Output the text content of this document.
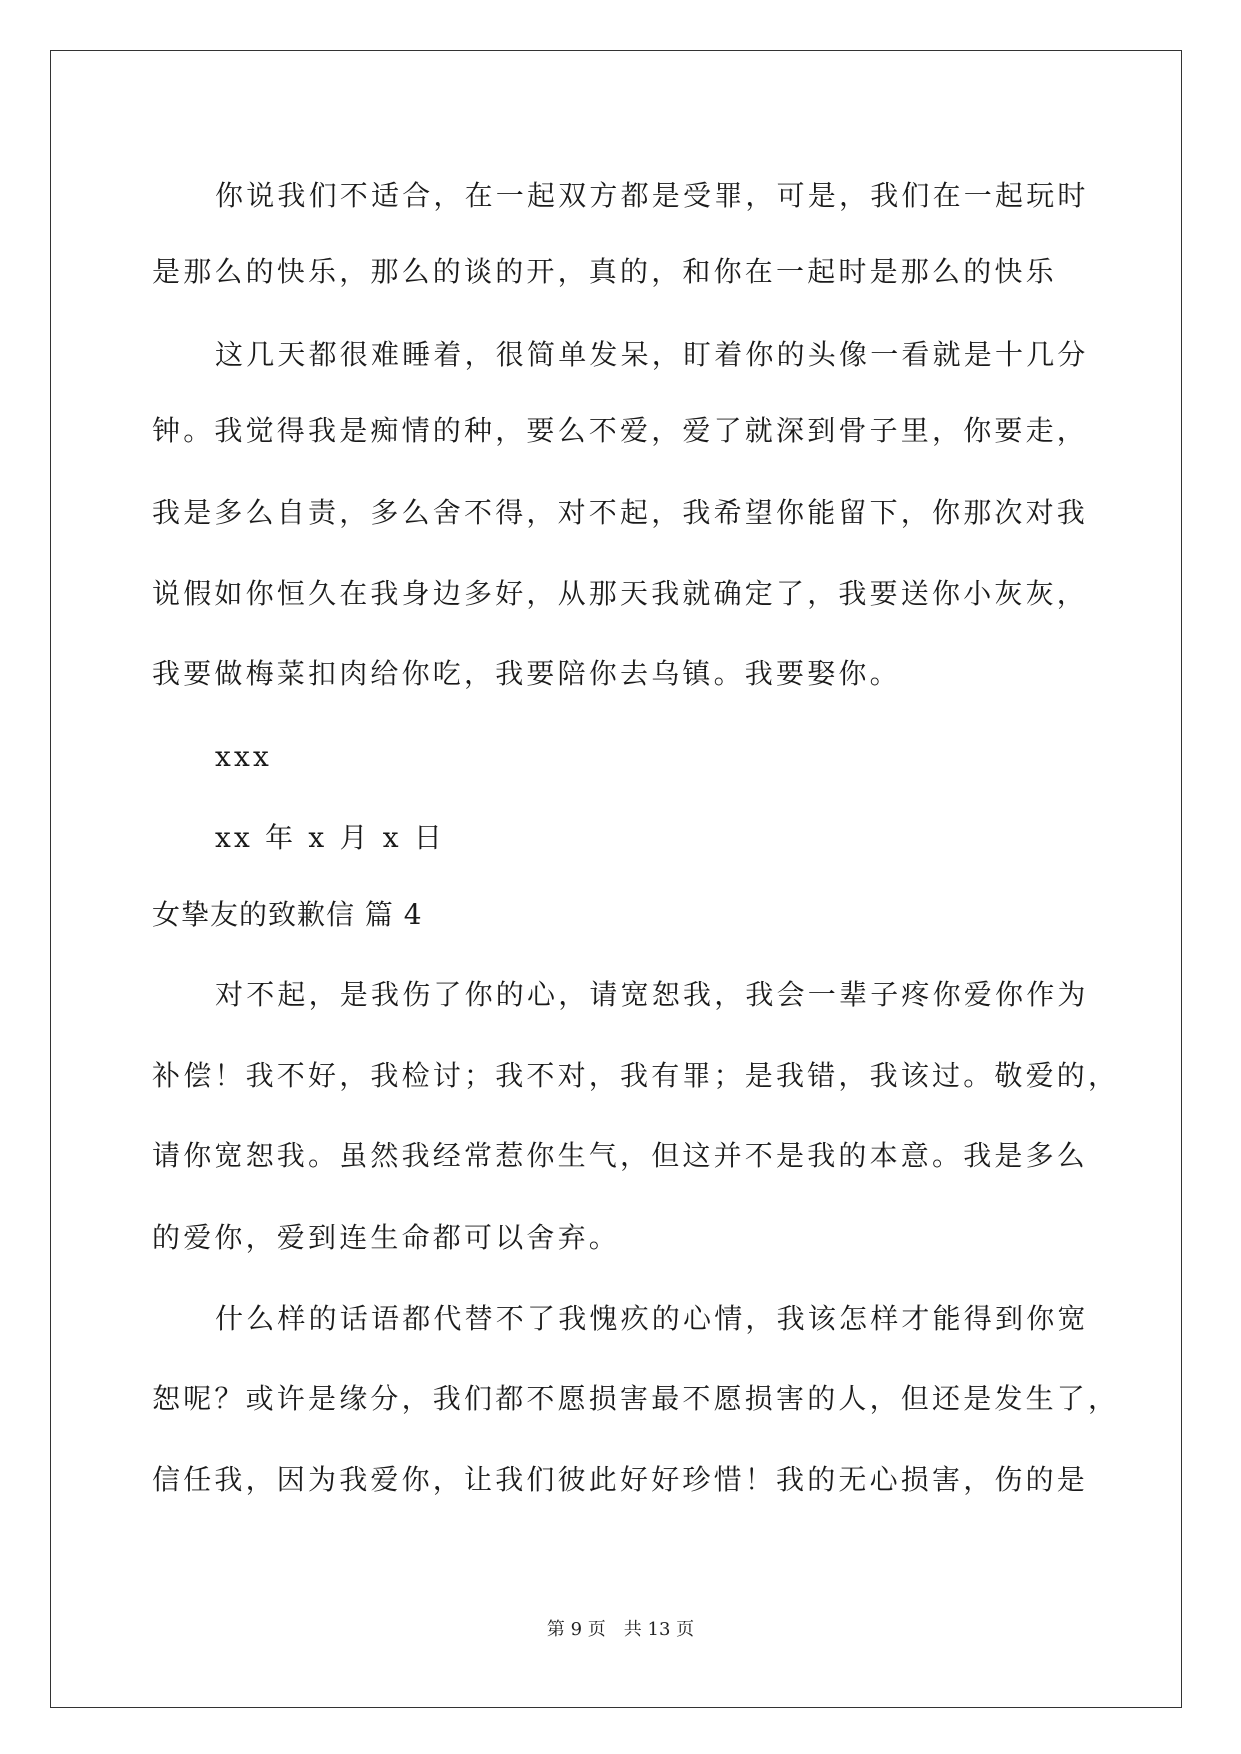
你说我们不适合，在一起双方都是受罪，可是，我们在一起玩时
是那么的快乐，那么的谈的开，真的，和你在一起时是那么的快乐
这几天都很难睡着，很简单发呆，盯着你的头像一看就是十几分
钟。我觉得我是痴情的种，要么不爱，爱了就深到骨子里，你要走，
我是多么自责，多么舍不得，对不起，我希望你能留下，你那次对我
说假如你恒久在我身边多好，从那天我就确定了，我要送你小灰灰，
我要做梅菜扣肉给你吃，我要陪你去乌镇。我要娶你。
xxx
xx 年 x 月 x 日
女挚友的致歉信 篇 4
对不起，是我伤了你的心，请宽恕我，我会一辈子疼你爱你作为
补偿！我不好，我检讨；我不对，我有罪；是我错，我该过。敬爱的，
请你宽恕我。虽然我经常惹你生气，但这并不是我的本意。我是多么
的爱你，爱到连生命都可以舍弃。
什么样的话语都代替不了我愧疚的心情，我该怎样才能得到你宽
恕呢？或许是缘分，我们都不愿损害最不愿损害的人，但还是发生了，
信任我，因为我爱你，让我们彼此好好珍惜！我的无心损害，伤的是
第 9 页　共 13 页
